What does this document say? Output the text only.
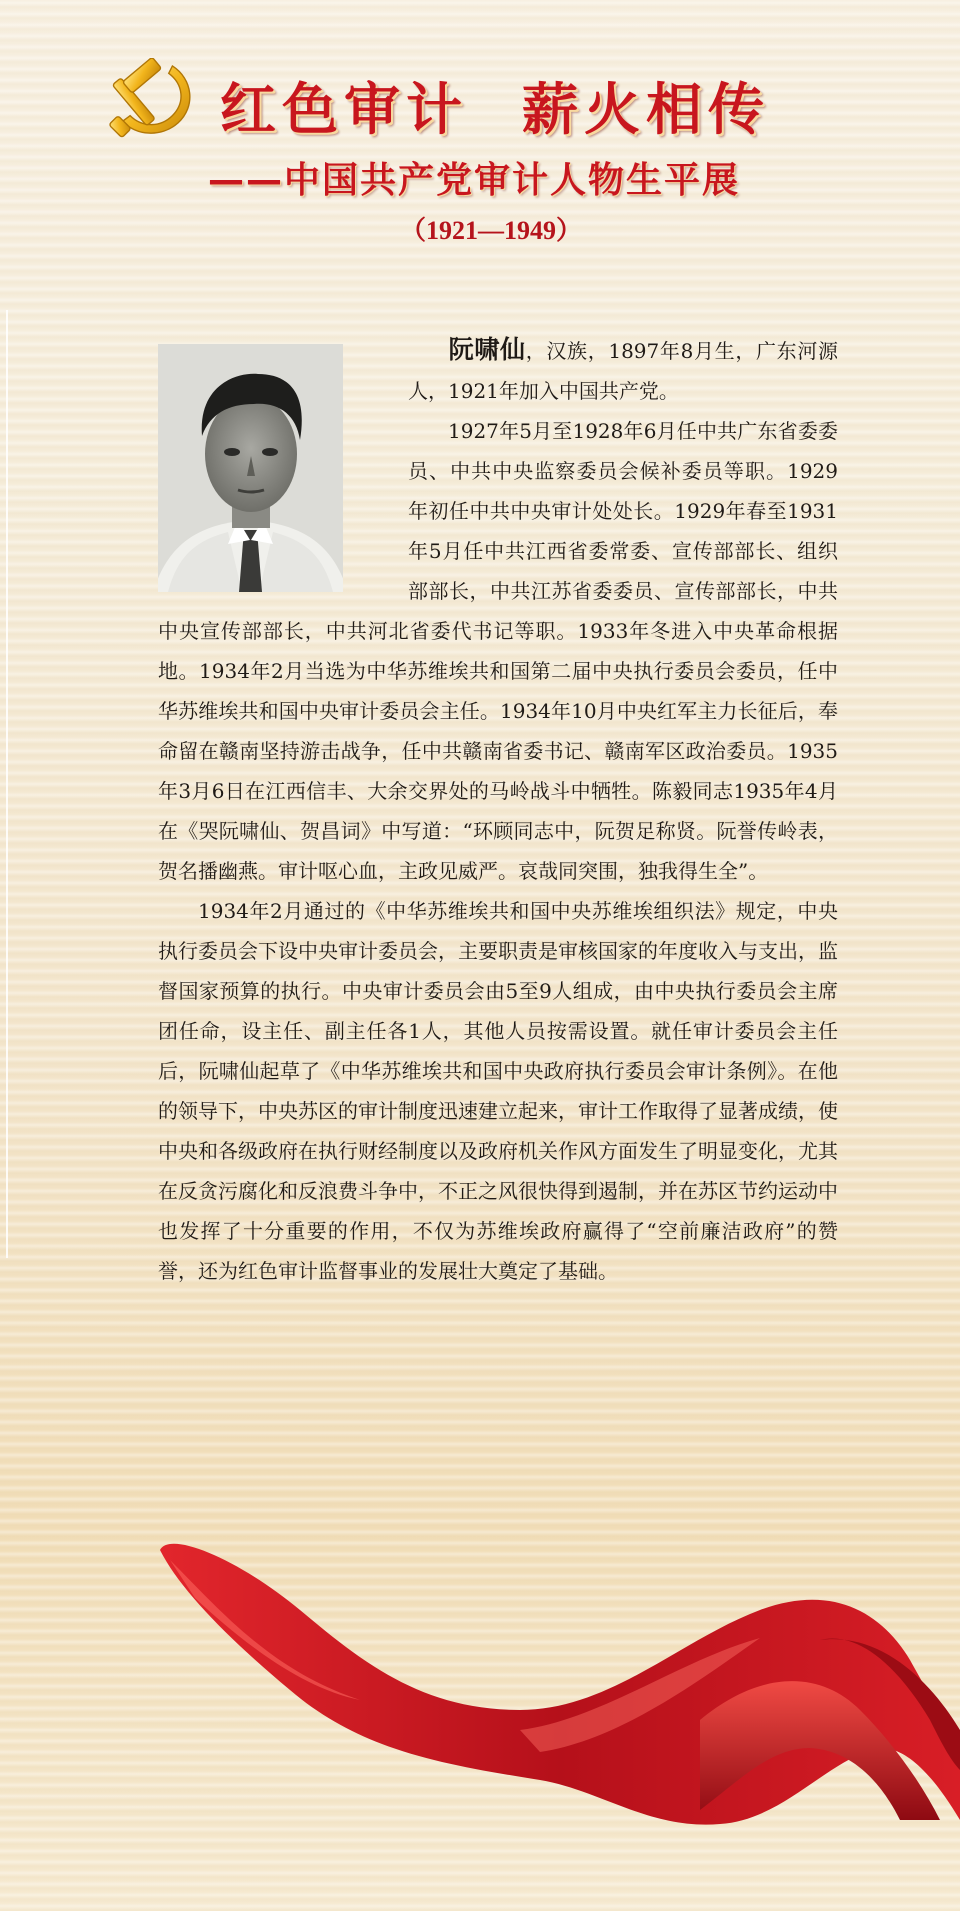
红色审计 薪火相传
——中国共产党审计人物生平展
（1921—1949）

阮啸仙，汉族，1897年8月生，广东河源人，1921年加入中国共产党。

1927年5月至1928年6月任中共广东省委委员、中共中央监察委员会候补委员等职。1929年初任中共中央审计处处长。1929年春至1931年5月任中共江西省委常委、宣传部部长、组织部部长，中共江苏省委委员、宣传部部长，中共中央宣传部部长，中共河北省委代书记等职。1933年冬进入中央革命根据地。1934年2月当选为中华苏维埃共和国第二届中央执行委员会委员，任中华苏维埃共和国中央审计委员会主任。1934年10月中央红军主力长征后，奉命留在赣南坚持游击战争，任中共赣南省委书记、赣南军区政治委员。1935年3月6日在江西信丰、大余交界处的马岭战斗中牺牲。陈毅同志1935年4月在《哭阮啸仙、贺昌词》中写道：“环顾同志中，阮贺足称贤。阮誉传岭表，贺名播幽燕。审计呕心血，主政见威严。哀哉同突围，独我得生全”。

1934年2月通过的《中华苏维埃共和国中央苏维埃组织法》规定，中央执行委员会下设中央审计委员会，主要职责是审核国家的年度收入与支出，监督国家预算的执行。中央审计委员会由5至9人组成，由中央执行委员会主席团任命，设主任、副主任各1人，其他人员按需设置。就任审计委员会主任后，阮啸仙起草了《中华苏维埃共和国中央政府执行委员会审计条例》。在他的领导下，中央苏区的审计制度迅速建立起来，审计工作取得了显著成绩，使中央和各级政府在执行财经制度以及政府机关作风方面发生了明显变化，尤其在反贪污腐化和反浪费斗争中，不正之风很快得到遏制，并在苏区节约运动中也发挥了十分重要的作用，不仅为苏维埃政府赢得了“空前廉洁政府”的赞誉，还为红色审计监督事业的发展壮大奠定了基础。
